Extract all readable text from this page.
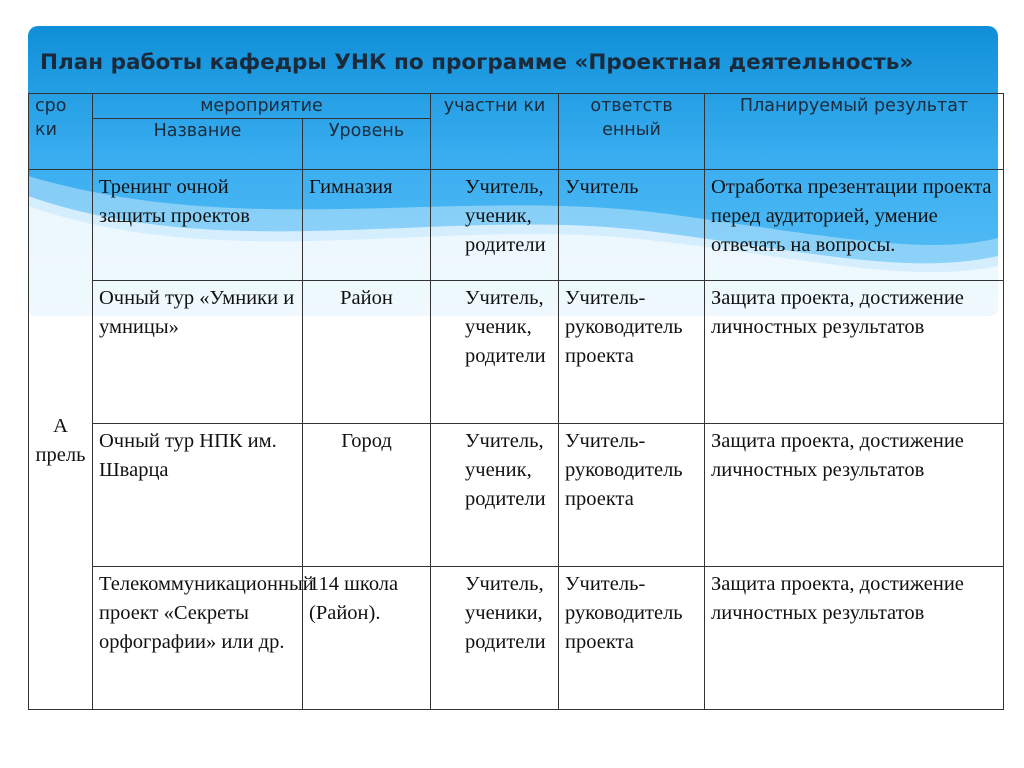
План работы кафедры УНК по программе «Проектная деятельность»
сро ки	мероприятие		участни ки	ответств енный	Планируемый результат
	Название	Уровень			
А прель	Тренинг очной защиты проектов	Гимназия	Учитель, ученик, родители	Учитель	Отработка презентации проекта перед аудиторией, умение отвечать на вопросы.
	Очный тур «Умники и умницы»	Район	Учитель, ученик, родители	Учитель-руководитель проекта	Защита проекта, достижение личностных результатов
	Очный тур НПК им. Шварца	Город	Учитель, ученик, родители	Учитель-руководитель проекта	Защита проекта, достижение личностных результатов
	Телекоммуникационный проект «Секреты орфографии» или др.	114 школа (Район).	Учитель, ученики, родители	Учитель-руководитель проекта	Защита проекта, достижение личностных результатов
